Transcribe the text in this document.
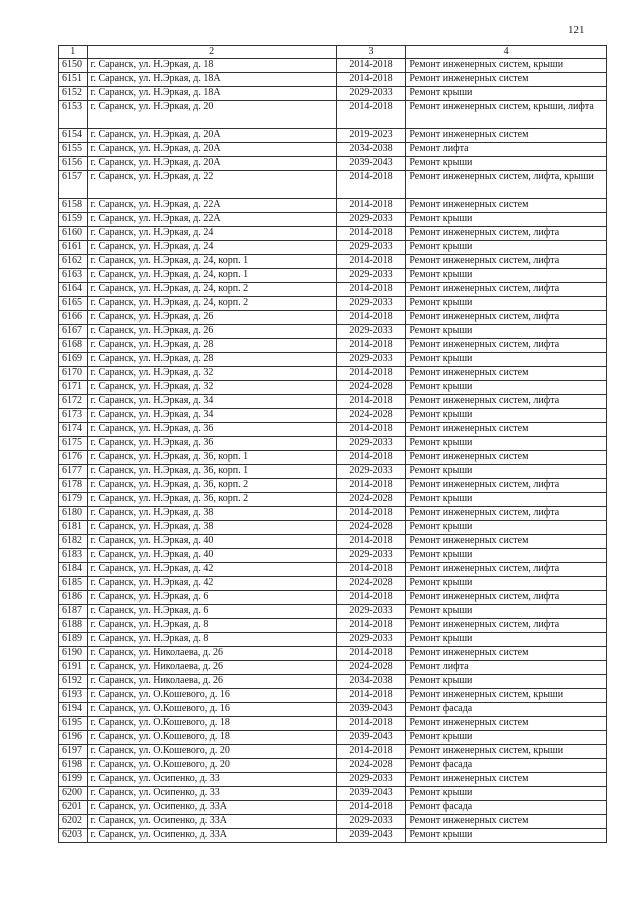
121
1	2	3	4
6150	г. Саранск, ул. Н.Эркая, д. 18	2014-2018	Ремонт инженерных систем, крыши
6151	г. Саранск, ул. Н.Эркая, д. 18А	2014-2018	Ремонт инженерных систем
6152	г. Саранск, ул. Н.Эркая, д. 18А	2029-2033	Ремонт крыши
6153	г. Саранск, ул. Н.Эркая, д. 20	2014-2018	Ремонт инженерных систем, крыши, лифта
6154	г. Саранск, ул. Н.Эркая, д. 20А	2019-2023	Ремонт инженерных систем
6155	г. Саранск, ул. Н.Эркая, д. 20А	2034-2038	Ремонт лифта
6156	г. Саранск, ул. Н.Эркая, д. 20А	2039-2043	Ремонт крыши
6157	г. Саранск, ул. Н.Эркая, д. 22	2014-2018	Ремонт инженерных систем, лифта, крыши
6158	г. Саранск, ул. Н.Эркая, д. 22А	2014-2018	Ремонт инженерных систем
6159	г. Саранск, ул. Н.Эркая, д. 22А	2029-2033	Ремонт крыши
6160	г. Саранск, ул. Н.Эркая, д. 24	2014-2018	Ремонт инженерных систем, лифта
6161	г. Саранск, ул. Н.Эркая, д. 24	2029-2033	Ремонт крыши
6162	г. Саранск, ул. Н.Эркая, д. 24, корп. 1	2014-2018	Ремонт инженерных систем, лифта
6163	г. Саранск, ул. Н.Эркая, д. 24, корп. 1	2029-2033	Ремонт крыши
6164	г. Саранск, ул. Н.Эркая, д. 24, корп. 2	2014-2018	Ремонт инженерных систем, лифта
6165	г. Саранск, ул. Н.Эркая, д. 24, корп. 2	2029-2033	Ремонт крыши
6166	г. Саранск, ул. Н.Эркая, д. 26	2014-2018	Ремонт инженерных систем, лифта
6167	г. Саранск, ул. Н.Эркая, д. 26	2029-2033	Ремонт крыши
6168	г. Саранск, ул. Н.Эркая, д. 28	2014-2018	Ремонт инженерных систем, лифта
6169	г. Саранск, ул. Н.Эркая, д. 28	2029-2033	Ремонт крыши
6170	г. Саранск, ул. Н.Эркая, д. 32	2014-2018	Ремонт инженерных систем
6171	г. Саранск, ул. Н.Эркая, д. 32	2024-2028	Ремонт крыши
6172	г. Саранск, ул. Н.Эркая, д. 34	2014-2018	Ремонт инженерных систем, лифта
6173	г. Саранск, ул. Н.Эркая, д. 34	2024-2028	Ремонт крыши
6174	г. Саранск, ул. Н.Эркая, д. 36	2014-2018	Ремонт инженерных систем
6175	г. Саранск, ул. Н.Эркая, д. 36	2029-2033	Ремонт крыши
6176	г. Саранск, ул. Н.Эркая, д. 36, корп. 1	2014-2018	Ремонт инженерных систем
6177	г. Саранск, ул. Н.Эркая, д. 36, корп. 1	2029-2033	Ремонт крыши
6178	г. Саранск, ул. Н.Эркая, д. 36, корп. 2	2014-2018	Ремонт инженерных систем, лифта
6179	г. Саранск, ул. Н.Эркая, д. 36, корп. 2	2024-2028	Ремонт крыши
6180	г. Саранск, ул. Н.Эркая, д. 38	2014-2018	Ремонт инженерных систем, лифта
6181	г. Саранск, ул. Н.Эркая, д. 38	2024-2028	Ремонт крыши
6182	г. Саранск, ул. Н.Эркая, д. 40	2014-2018	Ремонт инженерных систем
6183	г. Саранск, ул. Н.Эркая, д. 40	2029-2033	Ремонт крыши
6184	г. Саранск, ул. Н.Эркая, д. 42	2014-2018	Ремонт инженерных систем, лифта
6185	г. Саранск, ул. Н.Эркая, д. 42	2024-2028	Ремонт крыши
6186	г. Саранск, ул. Н.Эркая, д. 6	2014-2018	Ремонт инженерных систем, лифта
6187	г. Саранск, ул. Н.Эркая, д. 6	2029-2033	Ремонт крыши
6188	г. Саранск, ул. Н.Эркая, д. 8	2014-2018	Ремонт инженерных систем, лифта
6189	г. Саранск, ул. Н.Эркая, д. 8	2029-2033	Ремонт крыши
6190	г. Саранск, ул. Николаева, д. 26	2014-2018	Ремонт инженерных систем
6191	г. Саранск, ул. Николаева, д. 26	2024-2028	Ремонт лифта
6192	г. Саранск, ул. Николаева, д. 26	2034-2038	Ремонт крыши
6193	г. Саранск, ул. О.Кошевого, д. 16	2014-2018	Ремонт инженерных систем, крыши
6194	г. Саранск, ул. О.Кошевого, д. 16	2039-2043	Ремонт фасада
6195	г. Саранск, ул. О.Кошевого, д. 18	2014-2018	Ремонт инженерных систем
6196	г. Саранск, ул. О.Кошевого, д. 18	2039-2043	Ремонт крыши
6197	г. Саранск, ул. О.Кошевого, д. 20	2014-2018	Ремонт инженерных систем, крыши
6198	г. Саранск, ул. О.Кошевого, д. 20	2024-2028	Ремонт фасада
6199	г. Саранск, ул. Осипенко, д. 33	2029-2033	Ремонт инженерных систем
6200	г. Саранск, ул. Осипенко, д. 33	2039-2043	Ремонт крыши
6201	г. Саранск, ул. Осипенко, д. 33А	2014-2018	Ремонт фасада
6202	г. Саранск, ул. Осипенко, д. 33А	2029-2033	Ремонт инженерных систем
6203	г. Саранск, ул. Осипенко, д. 33А	2039-2043	Ремонт крыши
